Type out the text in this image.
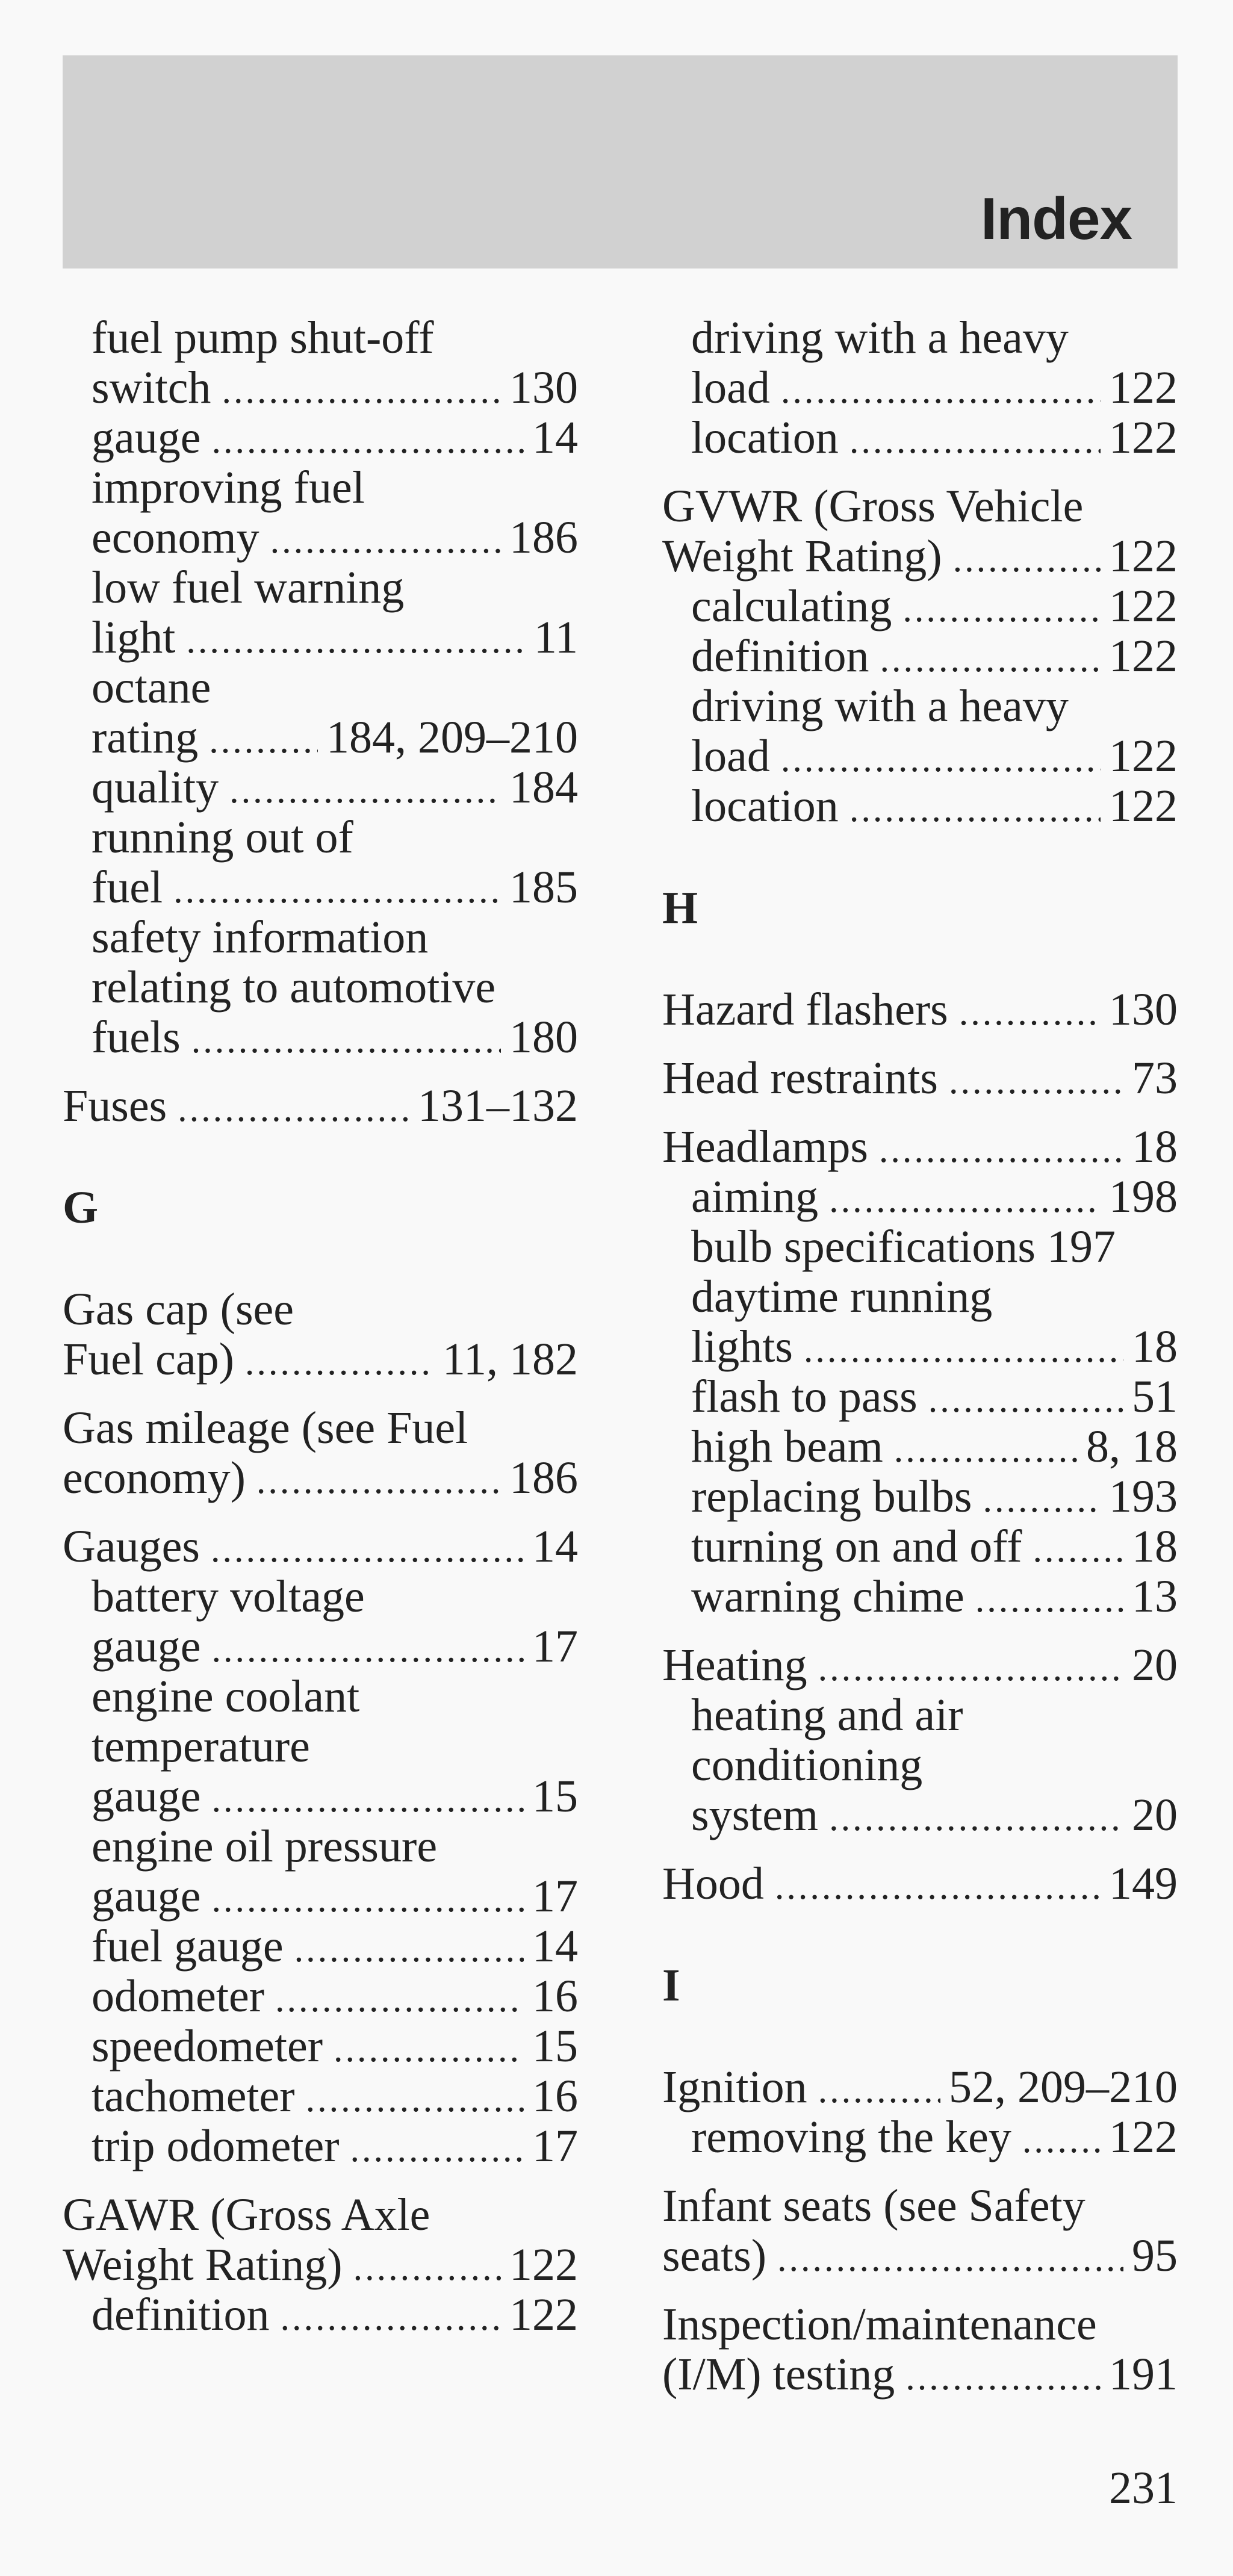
Index
fuel pump shut-off
switch .....	130
gauge .....	14
improving fuel
economy .....	186
low fuel warning
light .....	11
octane
rating .....	184, 209–210
quality .....	184
running out of
fuel .....	185
safety information
relating to automotive
fuels .....	180
Fuses .....	131–132
G
Gas cap (see
Fuel cap) .....	11, 182
Gas mileage (see Fuel
economy) .....	186
Gauges .....	14
battery voltage
gauge .....	17
engine coolant
temperature
gauge .....	15
engine oil pressure
gauge .....	17
fuel gauge .....	14
odometer .....	16
speedometer .....	15
tachometer .....	16
trip odometer .....	17
GAWR (Gross Axle
Weight Rating) .....	122
definition .....	122
driving with a heavy
load .....	122
location .....	122
GVWR (Gross Vehicle
Weight Rating) .....	122
calculating .....	122
definition .....	122
driving with a heavy
load .....	122
location .....	122
H
Hazard flashers .....	130
Head restraints .....	73
Headlamps .....	18
aiming .....	198
bulb specifications 197
daytime running
lights .....	18
flash to pass .....	51
high beam .....	8, 18
replacing bulbs .....	193
turning on and off ..... 18
warning chime .....	13
Heating .....	20
heating and air
conditioning
system .....	20
Hood .....	149
I
Ignition .....	52, 209–210
removing the key ..... 122
Infant seats (see Safety
seats) .....	95
Inspection/maintenance
(I/M) testing .....	191
231
